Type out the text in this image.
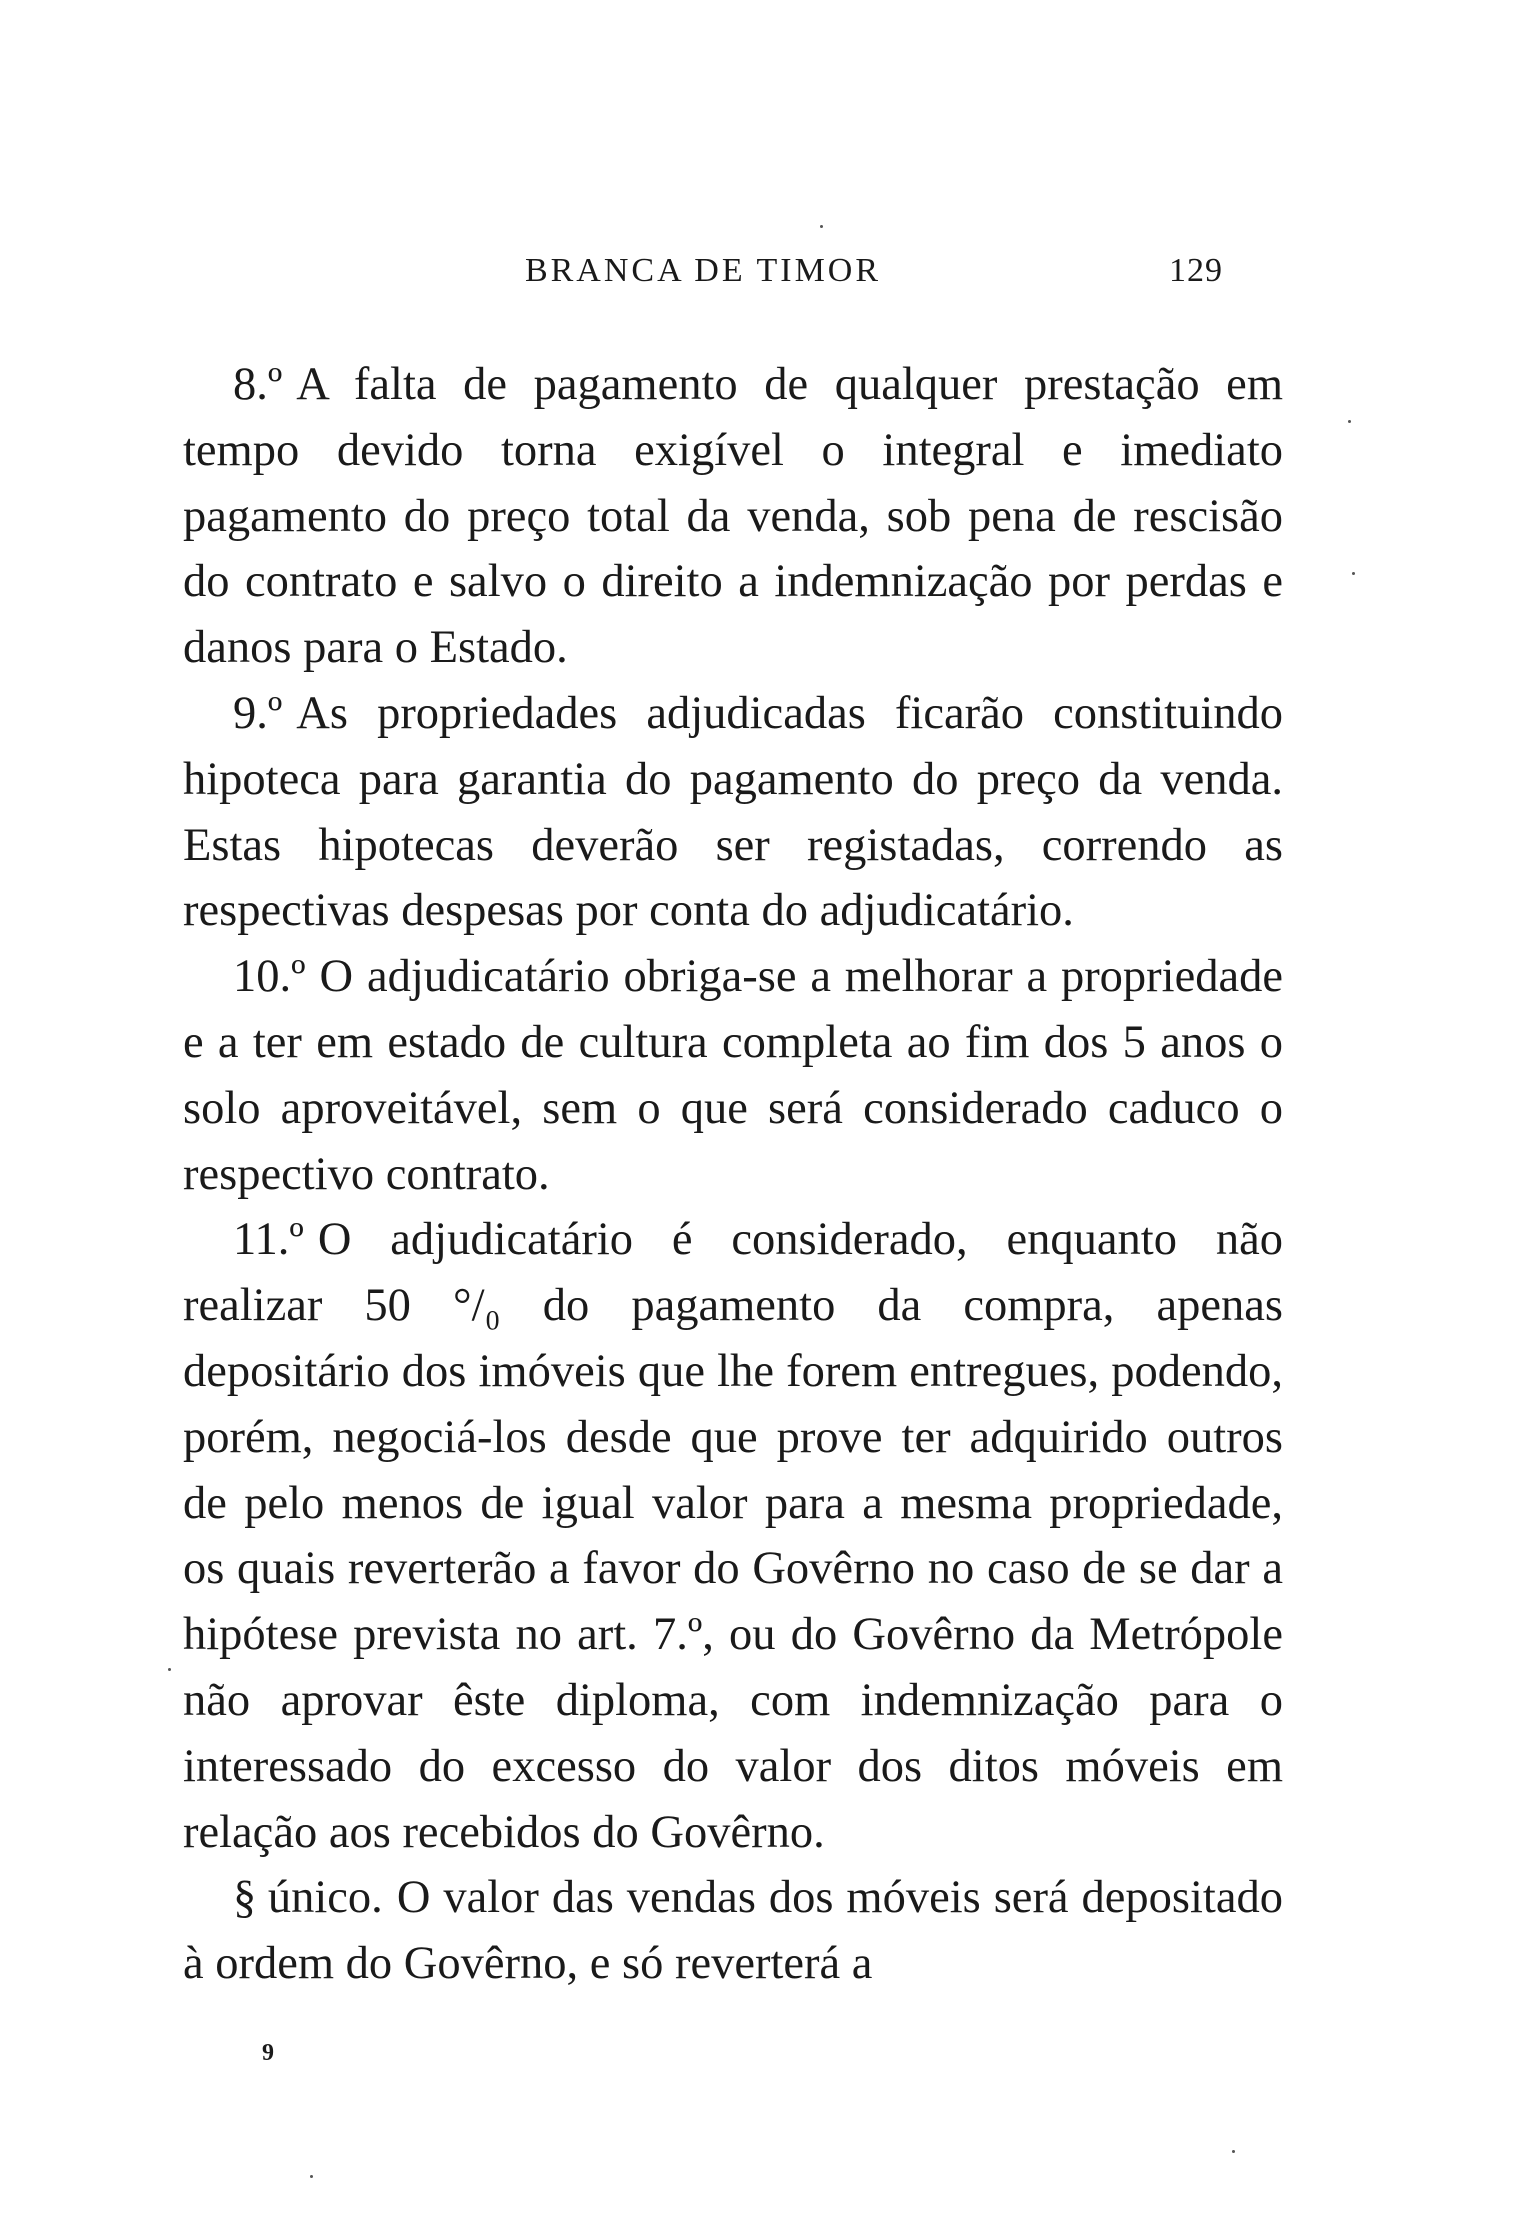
BRANCA DE TIMOR	129

8.º A falta de pagamento de qualquer prestação em tempo devido torna exigível o integral e imediato pagamento do preço total da venda, sob pena de rescisão do contrato e salvo o direito a indemnização por perdas e danos para o Estado.

9.º As propriedades adjudicadas ficarão constituindo hipoteca para garantia do pagamento do preço da venda. Estas hipotecas deverão ser registadas, correndo as respectivas despesas por conta do adjudicatário.

10.º O adjudicatário obriga-se a melhorar a propriedade e a ter em estado de cultura completa ao fim dos 5 anos o solo aproveitável, sem o que será considerado caduco o respectivo contrato.

11.º O adjudicatário é considerado, enquanto não realizar 50 °/₀ do pagamento da compra, apenas depositário dos imóveis que lhe forem entregues, podendo, porém, negociá-los desde que prove ter adquirido outros de pelo menos de igual valor para a mesma propriedade, os quais reverterão a favor do Govêrno no caso de se dar a hipótese prevista no art. 7.º, ou do Govêrno da Metrópole não aprovar êste diploma, com indemnização para o interessado do excesso do valor dos ditos móveis em relação aos recebidos do Govêrno.

§ único. O valor das vendas dos móveis será depositado à ordem do Govêrno, e só reverterá a

9
